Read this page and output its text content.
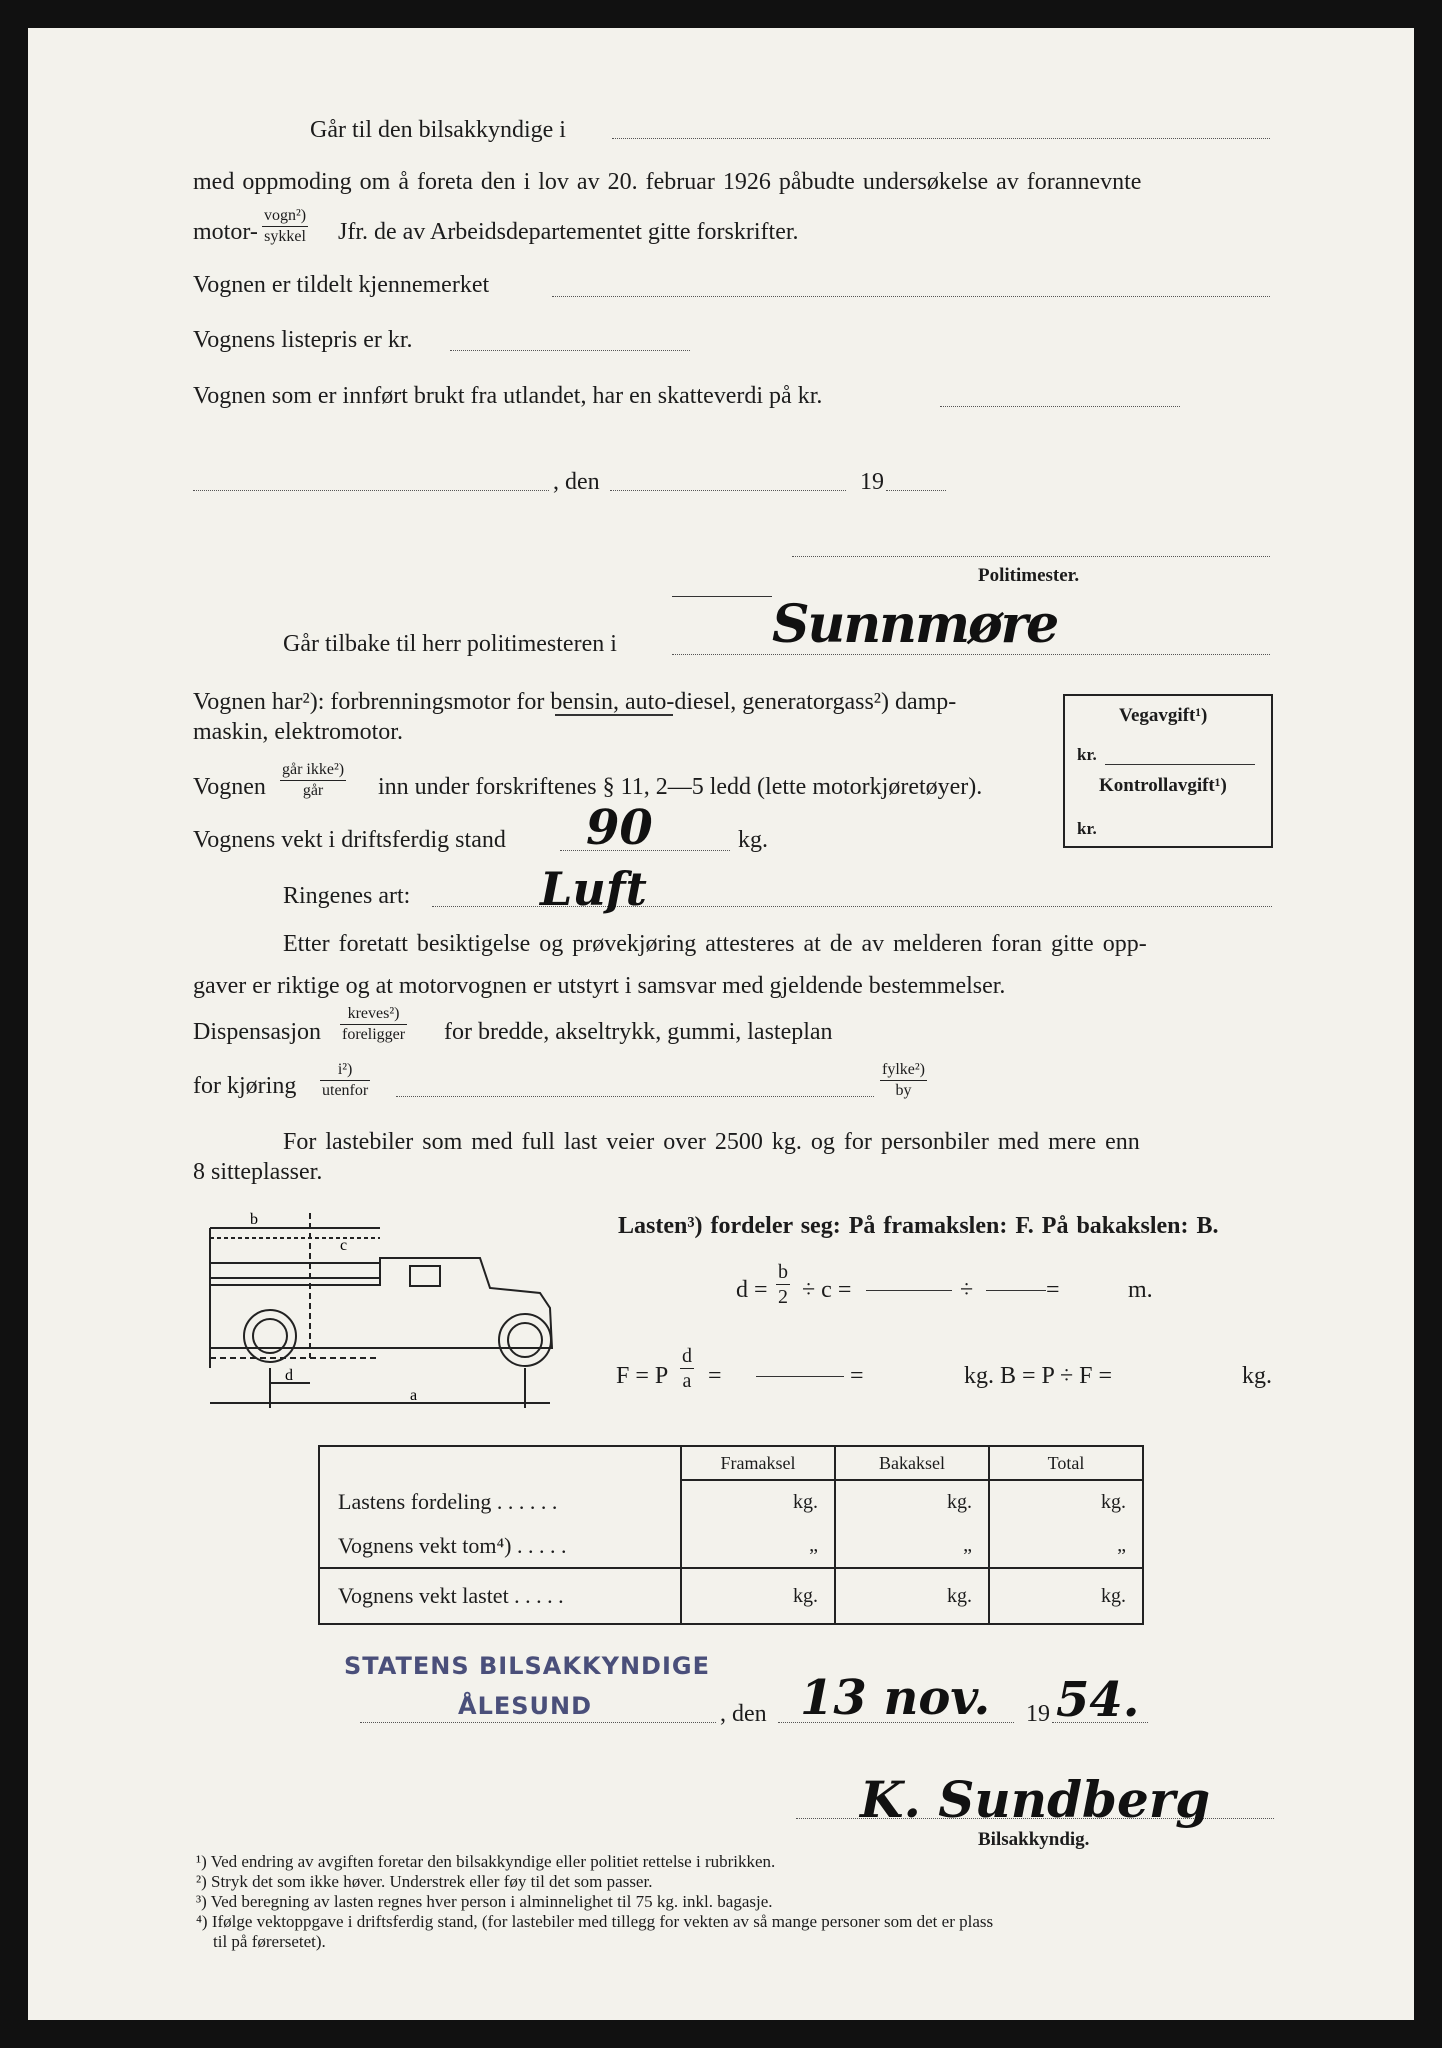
Går til den bilsakkyndige i
med oppmoding om å foreta den i lov av 20. februar 1926 påbudte undersøkelse av forannevnte
motor-
vogn²)
sykkel Jfr. de av Arbeidsdepartementet gitte forskrifter.
Vognen er tildelt kjennemerket
Vognens listepris er kr.
Vognen som er innført brukt fra utlandet, har en skatteverdi på kr.
, den	19
Politimester.
Går tilbake til herr politimesteren i	Sunnmøre
Vognen har²): forbrenningsmotor for bensin, auto-diesel, generatorgass²) damp-
maskin, elektromotor.
Vognen
går ikke²)
går	inn under forskriftenes § 11, 2—5 ledd (lette motorkjøretøyer).
Vognens vekt i driftsferdig stand 90	kg.
Ringenes art:	Luft
Vegavgift¹)
kr.
Kontrollavgift¹)
kr.
Etter foretatt besiktigelse og prøvekjøring attesteres at de av melderen foran gitte opp-
gaver er riktige og at motorvognen er utstyrt i samsvar med gjeldende bestemmelser.
Dispensasjon
kreves²)
foreligger for bredde, akseltrykk, gummi, lasteplan
for kjøring
i²)
utenfor
fylke²)
by
For lastebiler som med full last veier over 2500 kg. og for personbiler med mere enn
8 sitteplasser.
b
c
d
a
Lasten³) fordeler seg: På framakslen: F. På bakakslen: B.
$d = \frac{b}{2} \div c$ =	÷	=	m.
F = P $\frac{d}{a}$ =	=	kg. B = P ÷ F =	kg.
	Framaksel	Bakaksel	Total
Lastens fordeling . . . . . .	kg.	kg.	kg.
Vognens vekt tom⁴) . . . . .	„	„	„
Vognens vekt lastet . . . . .	kg.	kg.	kg.
STATENS BILSAKKYNDIGE
ÅLESUND	, den 13 nov. 19 54.
K. Sundberg
Bilsakkyndig.
¹) Ved endring av avgiften foretar den bilsakkyndige eller politiet rettelse i rubrikken.
²) Stryk det som ikke høver. Understrek eller føy til det som passer.
³) Ved beregning av lasten regnes hver person i alminnelighet til 75 kg. inkl. bagasje.
⁴) Ifølge vektoppgave i driftsferdig stand, (for lastebiler med tillegg for vekten av så mange personer som det er plass
til på førersetet).
